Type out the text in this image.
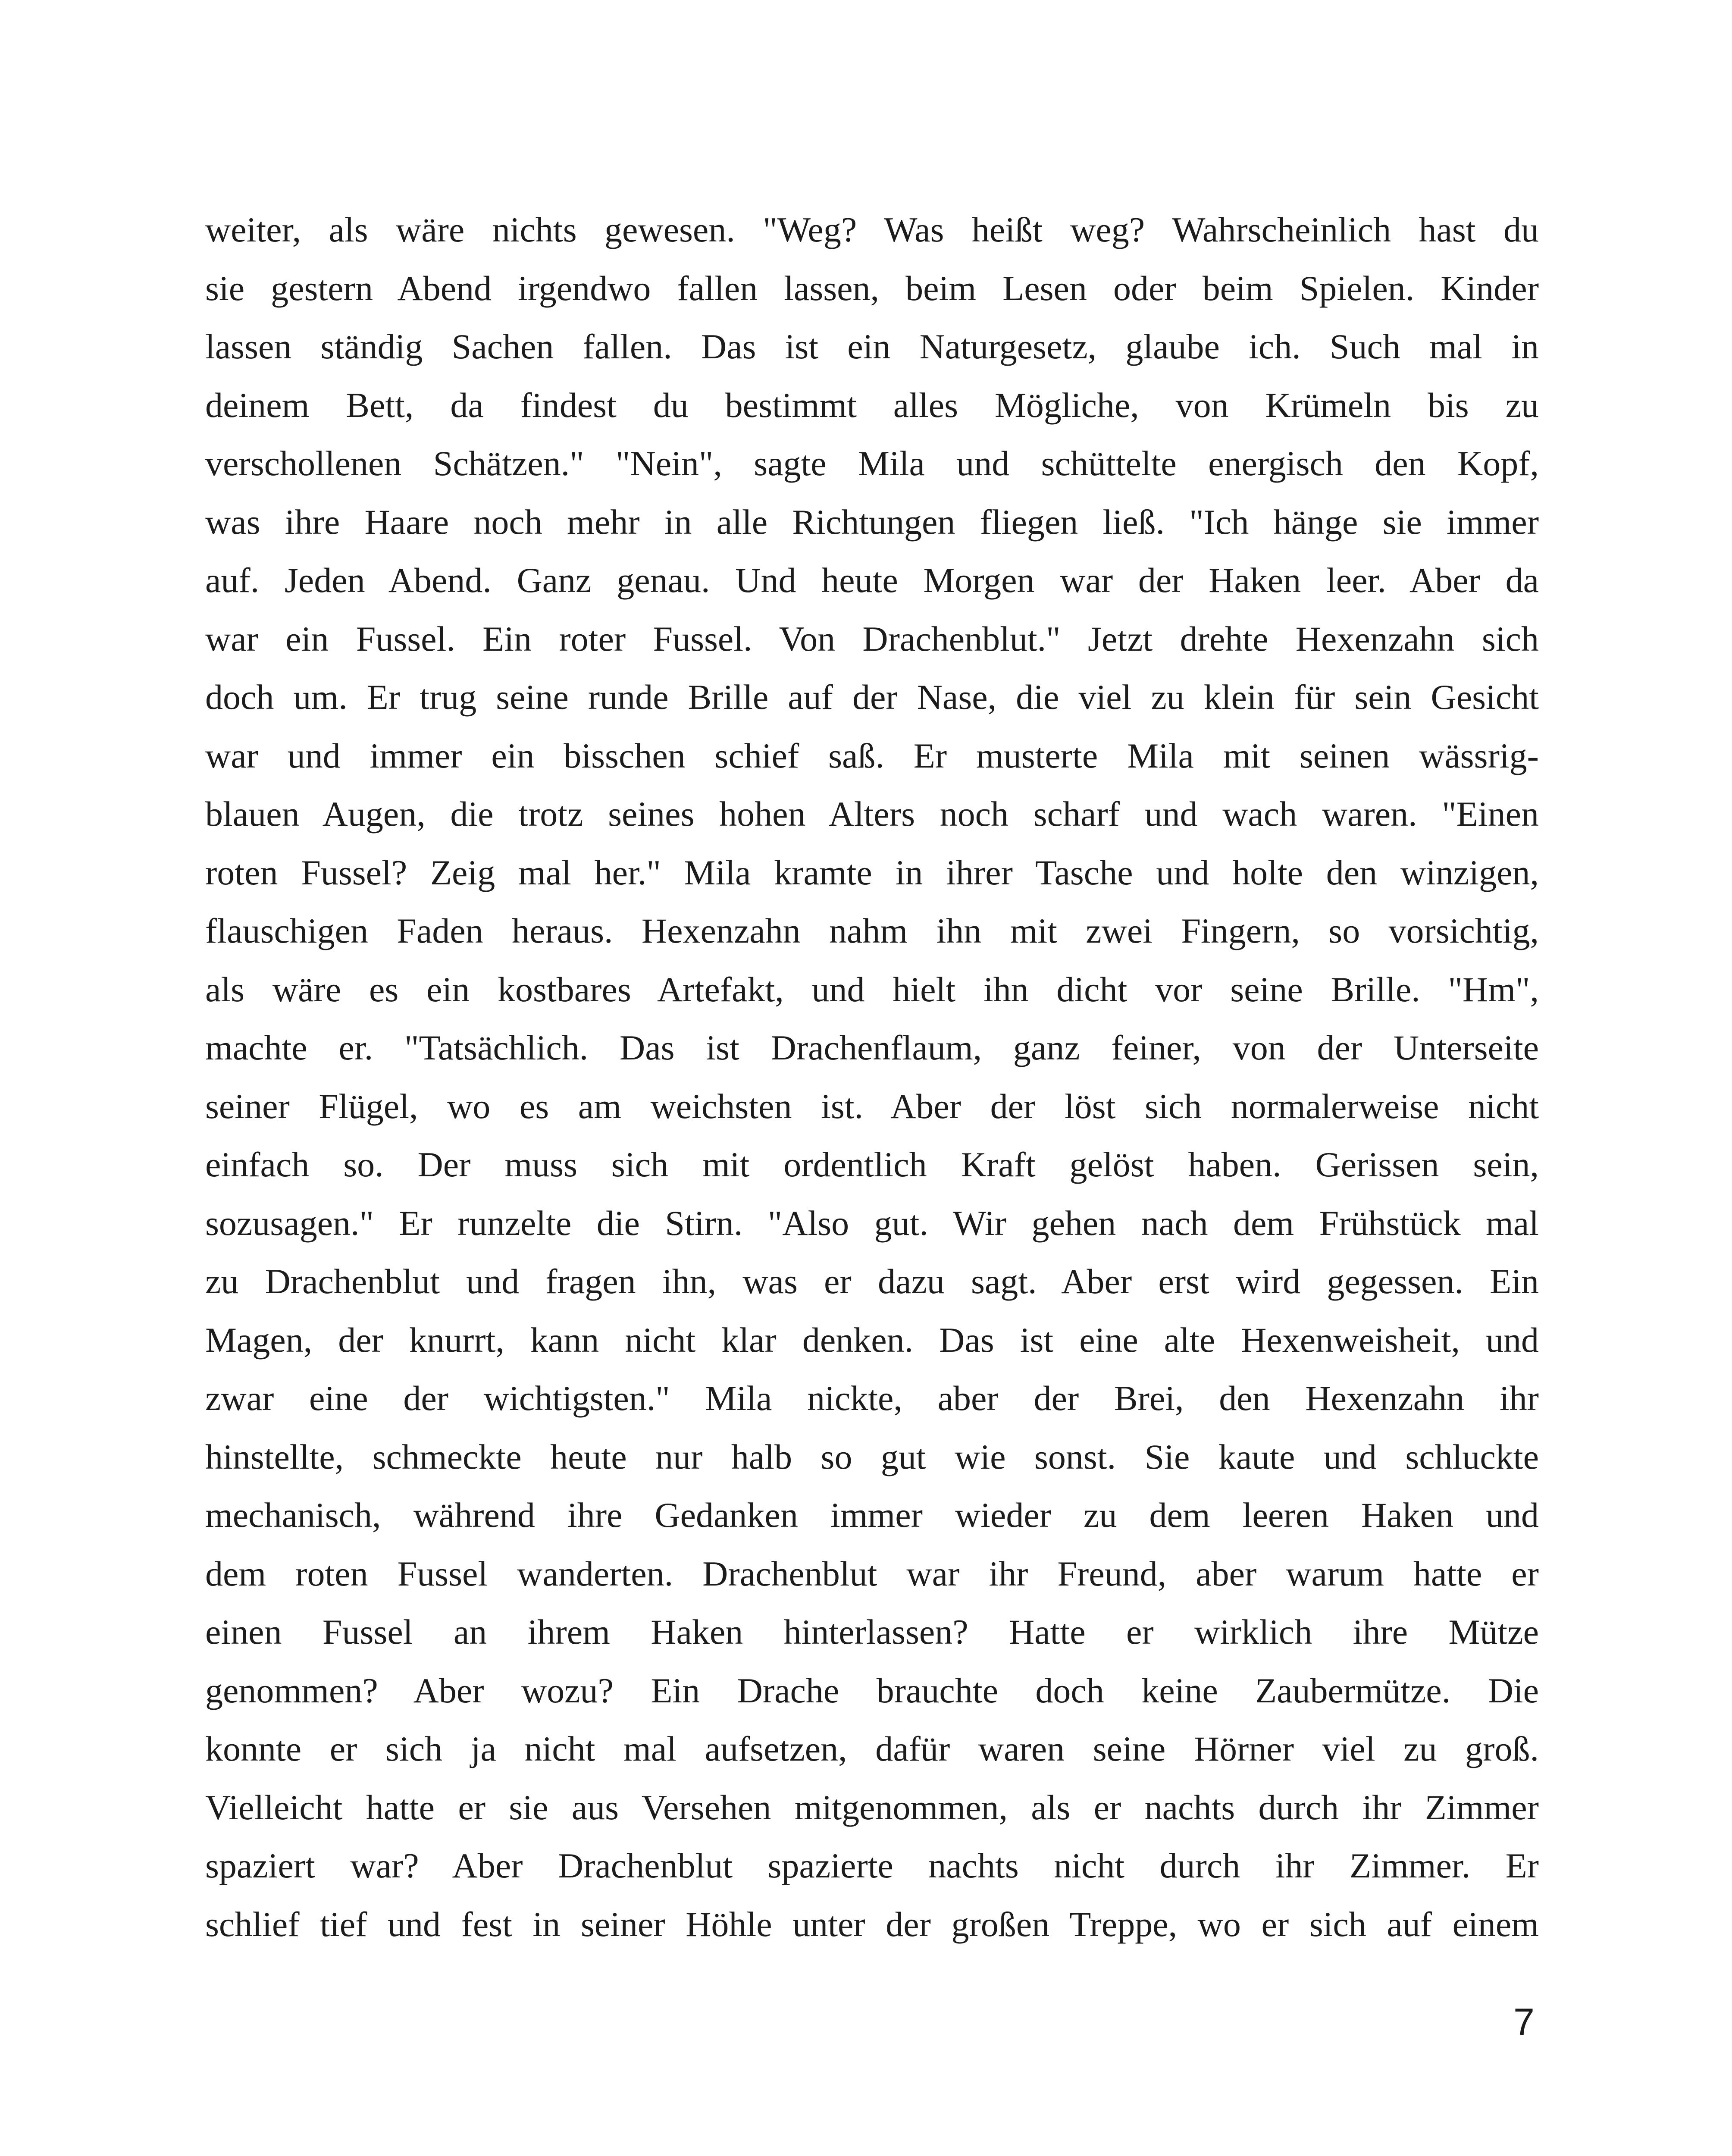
weiter, als wäre nichts gewesen. "Weg? Was heißt weg? Wahrscheinlich hast du
sie gestern Abend irgendwo fallen lassen, beim Lesen oder beim Spielen. Kinder
lassen ständig Sachen fallen. Das ist ein Naturgesetz, glaube ich. Such mal in
deinem Bett, da findest du bestimmt alles Mögliche, von Krümeln bis zu
verschollenen Schätzen." "Nein", sagte Mila und schüttelte energisch den Kopf,
was ihre Haare noch mehr in alle Richtungen fliegen ließ. "Ich hänge sie immer
auf. Jeden Abend. Ganz genau. Und heute Morgen war der Haken leer. Aber da
war ein Fussel. Ein roter Fussel. Von Drachenblut." Jetzt drehte Hexenzahn sich
doch um. Er trug seine runde Brille auf der Nase, die viel zu klein für sein Gesicht
war und immer ein bisschen schief saß. Er musterte Mila mit seinen wässrig-
blauen Augen, die trotz seines hohen Alters noch scharf und wach waren. "Einen
roten Fussel? Zeig mal her." Mila kramte in ihrer Tasche und holte den winzigen,
flauschigen Faden heraus. Hexenzahn nahm ihn mit zwei Fingern, so vorsichtig,
als wäre es ein kostbares Artefakt, und hielt ihn dicht vor seine Brille. "Hm",
machte er. "Tatsächlich. Das ist Drachenflaum, ganz feiner, von der Unterseite
seiner Flügel, wo es am weichsten ist. Aber der löst sich normalerweise nicht
einfach so. Der muss sich mit ordentlich Kraft gelöst haben. Gerissen sein,
sozusagen." Er runzelte die Stirn. "Also gut. Wir gehen nach dem Frühstück mal
zu Drachenblut und fragen ihn, was er dazu sagt. Aber erst wird gegessen. Ein
Magen, der knurrt, kann nicht klar denken. Das ist eine alte Hexenweisheit, und
zwar eine der wichtigsten." Mila nickte, aber der Brei, den Hexenzahn ihr
hinstellte, schmeckte heute nur halb so gut wie sonst. Sie kaute und schluckte
mechanisch, während ihre Gedanken immer wieder zu dem leeren Haken und
dem roten Fussel wanderten. Drachenblut war ihr Freund, aber warum hatte er
einen Fussel an ihrem Haken hinterlassen? Hatte er wirklich ihre Mütze
genommen? Aber wozu? Ein Drache brauchte doch keine Zaubermütze. Die
konnte er sich ja nicht mal aufsetzen, dafür waren seine Hörner viel zu groß.
Vielleicht hatte er sie aus Versehen mitgenommen, als er nachts durch ihr Zimmer
spaziert war? Aber Drachenblut spazierte nachts nicht durch ihr Zimmer. Er
schlief tief und fest in seiner Höhle unter der großen Treppe, wo er sich auf einem
7
